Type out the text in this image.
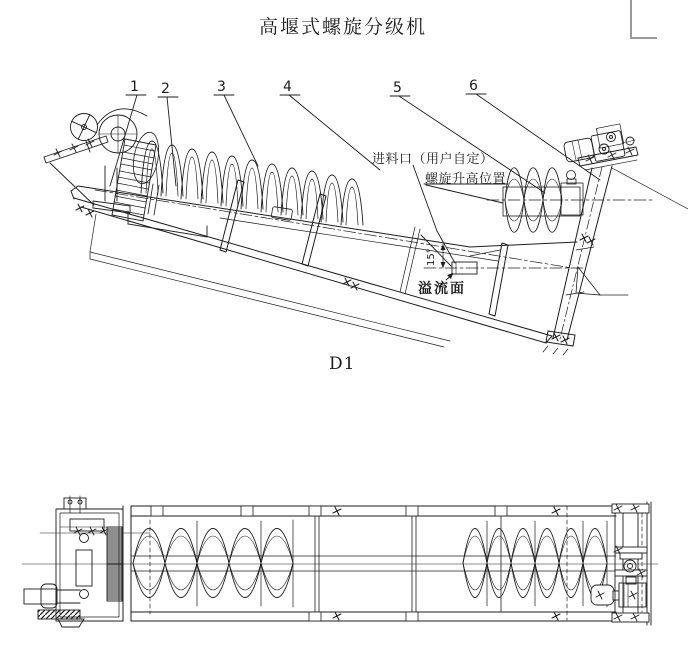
高堰式螺旋分级机
1 2	3	4	5	6
进料口（用户自定）
螺旋升高位置
溢流面
15°
D1
